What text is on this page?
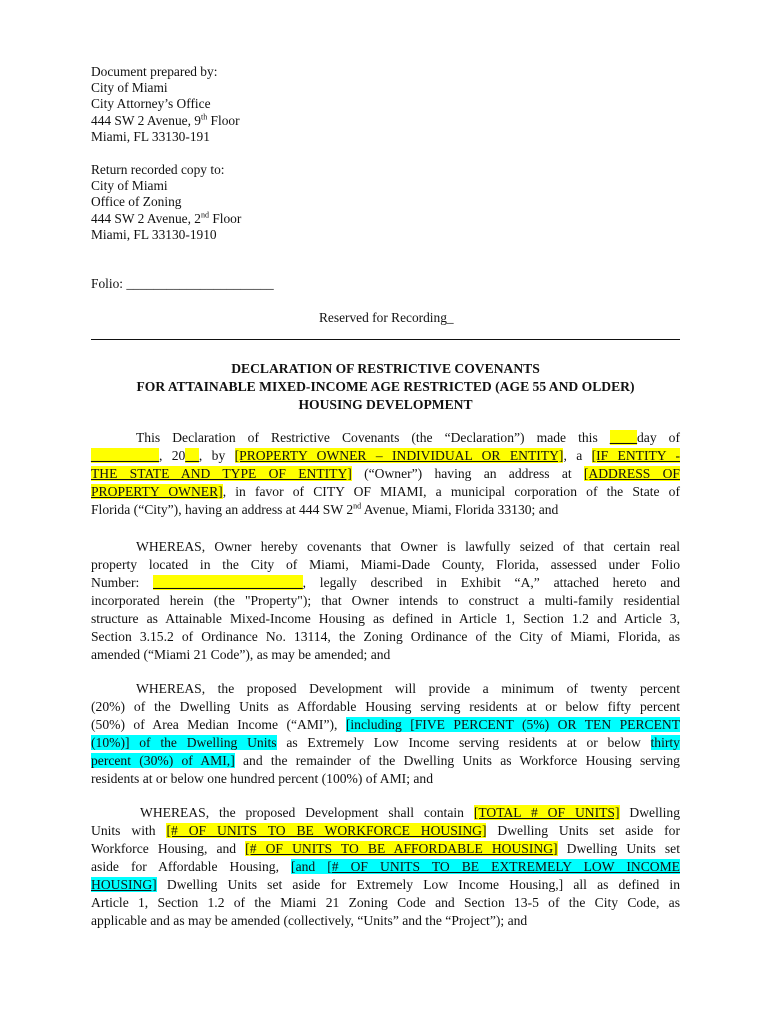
Document prepared by:
City of Miami
City Attorney’s Office
444 SW 2 Avenue, 9th Floor
Miami, FL 33130-191
Return recorded copy to:
City of Miami
Office of Zoning
444 SW 2 Avenue, 2nd Floor
Miami, FL 33130-1910
Folio: ______________________
Reserved for Recording_
DECLARATION OF RESTRICTIVE COVENANTS
FOR ATTAINABLE MIXED-INCOME AGE RESTRICTED (AGE 55 AND OLDER)
HOUSING DEVELOPMENT
This Declaration of Restrictive Covenants (the “Declaration”) made this ____day of
__________, 20__, by [PROPERTY OWNER – INDIVIDUAL OR ENTITY], a [IF ENTITY -
THE STATE AND TYPE OF ENTITY] (“Owner”) having an address at [ADDRESS OF
PROPERTY OWNER], in favor of CITY OF MIAMI, a municipal corporation of the State of
Florida (“City”), having an address at 444 SW 2nd Avenue, Miami, Florida 33130; and
WHEREAS, Owner hereby covenants that Owner is lawfully seized of that certain real
property located in the City of Miami, Miami-Dade County, Florida, assessed under Folio
Number: ______________________, legally described in Exhibit “A,” attached hereto and
incorporated herein (the "Property"); that Owner intends to construct a multi-family residential
structure as Attainable Mixed-Income Housing as defined in Article 1, Section 1.2 and Article 3,
Section 3.15.2 of Ordinance No. 13114, the Zoning Ordinance of the City of Miami, Florida, as
amended (“Miami 21 Code”), as may be amended; and
WHEREAS, the proposed Development will provide a minimum of twenty percent
(20%) of the Dwelling Units as Affordable Housing serving residents at or below fifty percent
(50%) of Area Median Income (“AMI”), [including [FIVE PERCENT (5%) OR TEN PERCENT
(10%)] of the Dwelling Units as Extremely Low Income serving residents at or below thirty
percent (30%) of AMI,] and the remainder of the Dwelling Units as Workforce Housing serving
residents at or below one hundred percent (100%) of AMI; and
WHEREAS, the proposed Development shall contain [TOTAL # OF UNITS] Dwelling
Units with [# OF UNITS TO BE WORKFORCE HOUSING] Dwelling Units set aside for
Workforce Housing, and [# OF UNITS TO BE AFFORDABLE HOUSING] Dwelling Units set
aside for Affordable Housing, [and [# OF UNITS TO BE EXTREMELY LOW INCOME
HOUSING] Dwelling Units set aside for Extremely Low Income Housing,] all as defined in
Article 1, Section 1.2 of the Miami 21 Zoning Code and Section 13-5 of the City Code, as
applicable and as may be amended (collectively, “Units” and the “Project”); and
